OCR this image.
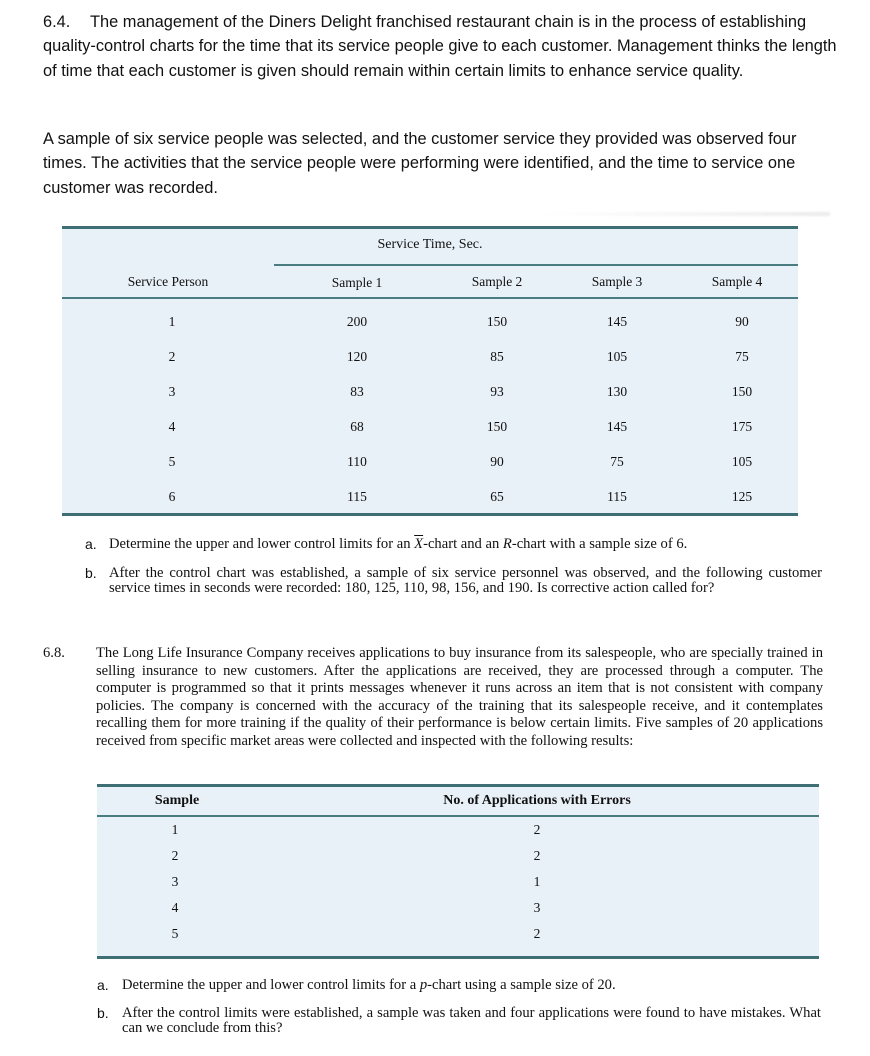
6.4. The management of the Diners Delight franchised restaurant chain is in the process of establishing quality-control charts for the time that its service people give to each customer. Management thinks the length of time that each customer is given should remain within certain limits to enhance service quality.

A sample of six service people was selected, and the customer service they provided was observed four times. The activities that the service people were performing were identified, and the time to service one customer was recorded.

Service Time, Sec.
Service Person	Sample 1	Sample 2	Sample 3	Sample 4
1	200	150	145	90
2	120	85	105	75
3	83	93	130	150
4	68	150	145	175
5	110	90	75	105
6	115	65	115	125
a. Determine the upper and lower control limits for an $\overline{X}$-chart and an R-chart with a sample size of 6.
b. After the control chart was established, a sample of six service personnel was observed, and the following customer service times in seconds were recorded: 180, 125, 110, 98, 156, and 190. Is corrective action called for?
6.8. The Long Life Insurance Company receives applications to buy insurance from its salespeople, who are specially trained in selling insurance to new customers. After the applications are received, they are processed through a computer. The computer is programmed so that it prints messages whenever it runs across an item that is not consistent with company policies. The company is concerned with the accuracy of the training that its salespeople receive, and it contemplates recalling them for more training if the quality of their performance is below certain limits. Five samples of 20 applications received from specific market areas were collected and inspected with the following results:
Sample	No. of Applications with Errors
1	2
2	2
3	1
4	3
5	2
a. Determine the upper and lower control limits for a p-chart using a sample size of 20.
b. After the control limits were established, a sample was taken and four applications were found to have mistakes. What can we conclude from this?
